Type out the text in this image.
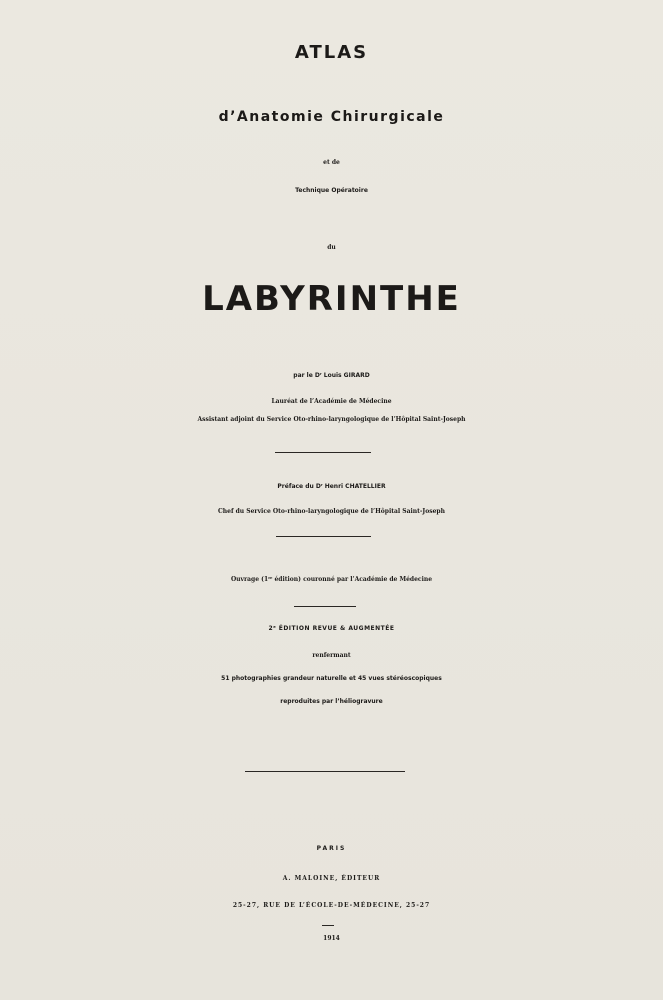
ATLAS
d’Anatomie Chirurgicale
et de
Technique Opératoire
du
LABYRINTHE
par le $D^r$ Louis GIRARD
Lauréat de l’Académie de Médecine
Assistant adjoint du Service Oto-rhino-laryngologique de l’Hôpital Saint-Joseph
Préface du $D^r$ Henri CHATELLIER
Chef du Service Oto-rhino-laryngologique de l’Hôpital Saint-Joseph
Ouvrage (1re édition) couronné par l’Académie de Médecine
2e ÉDITION REVUE & AUGMENTÉE
renfermant
51 photographies grandeur naturelle et 45 vues stéréoscopiques
reproduites par l’héliogravure
PARIS
A. MALOINE, ÉDITEUR
25-27, RUE DE L’ÉCOLE-DE-MÉDECINE, 25-27
1914
